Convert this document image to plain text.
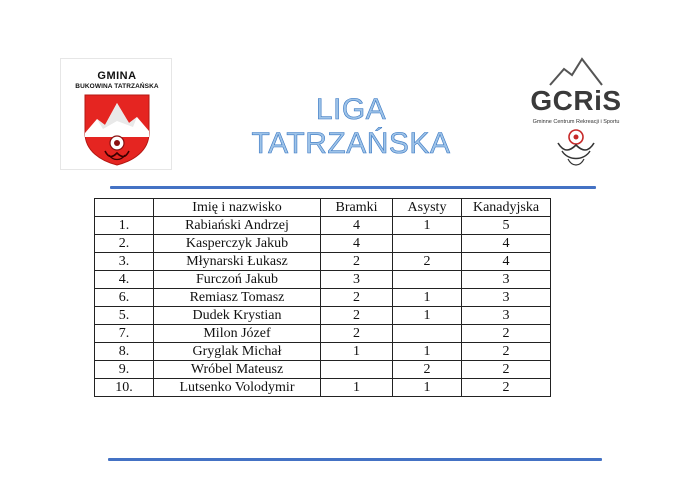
GMINA
BUKOWINA TATRZAŃSKA
LIGA TATRZAŃSKA
GCRiS
Gminne Centrum Rekreacji i Sportu
	Imię i nazwisko	Bramki	Asysty	Kanadyjska
1.	Rabiański Andrzej	4	1	5
2.	Kasperczyk Jakub	4		4
3.	Młynarski Łukasz	2	2	4
4.	Furczoń Jakub	3		3
6.	Remiasz Tomasz	2	1	3
5.	Dudek Krystian	2	1	3
7.	Milon Józef	2		2
8.	Gryglak Michał	1	1	2
9.	Wróbel Mateusz		2	2
10.	Lutsenko Volodymir	1	1	2
